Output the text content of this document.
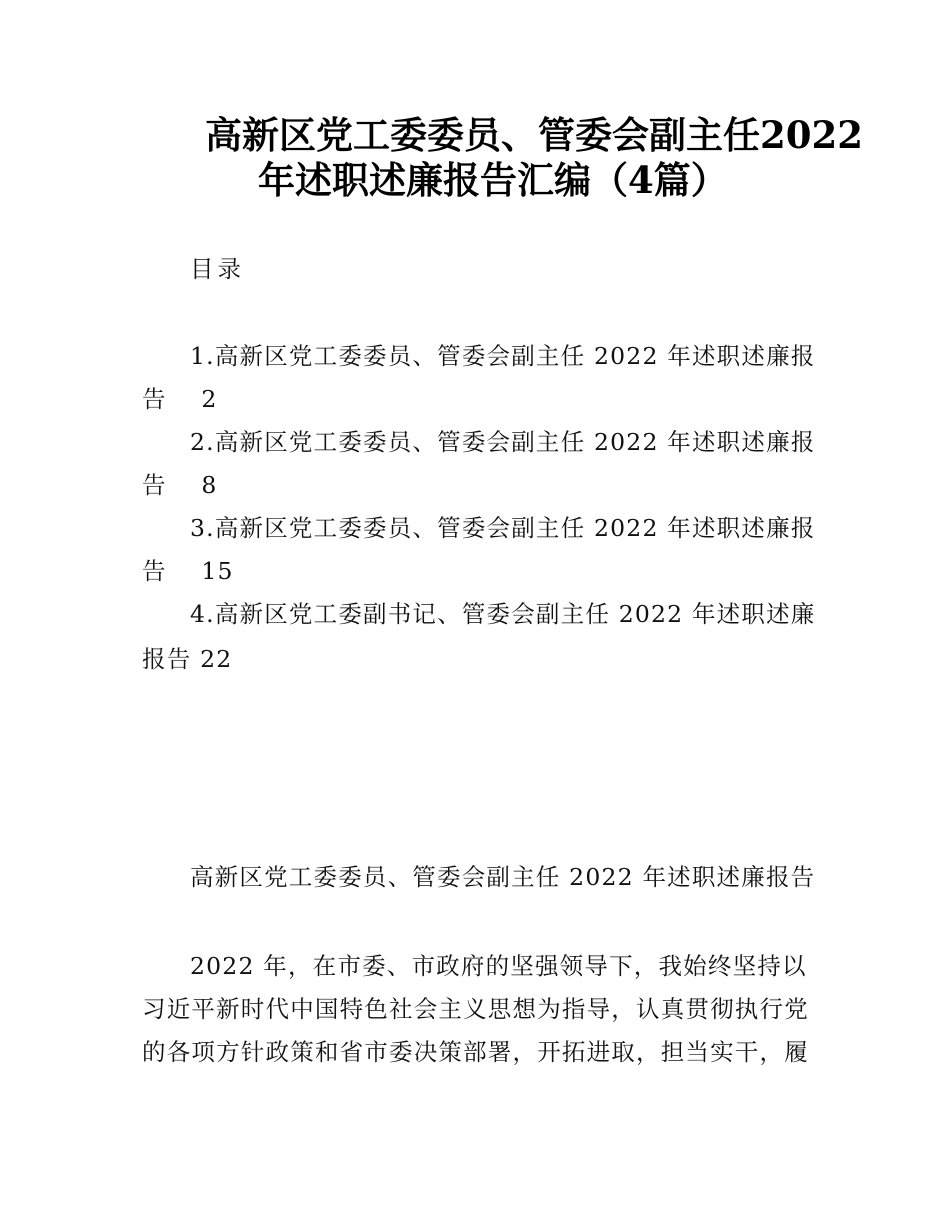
高新区党工委委员、管委会副主任2022
年述职述廉报告汇编（4篇）
目录
1.高新区党工委委员、管委会副主任 2022 年述职述廉报
告    2
2.高新区党工委委员、管委会副主任 2022 年述职述廉报
告    8
3.高新区党工委委员、管委会副主任 2022 年述职述廉报
告    15
4.高新区党工委副书记、管委会副主任 2022 年述职述廉
报告 22
高新区党工委委员、管委会副主任 2022 年述职述廉报告
2022 年，在市委、市政府的坚强领导下，我始终坚持以
习近平新时代中国特色社会主义思想为指导，认真贯彻执行党
的各项方针政策和省市委决策部署，开拓进取，担当实干，履
